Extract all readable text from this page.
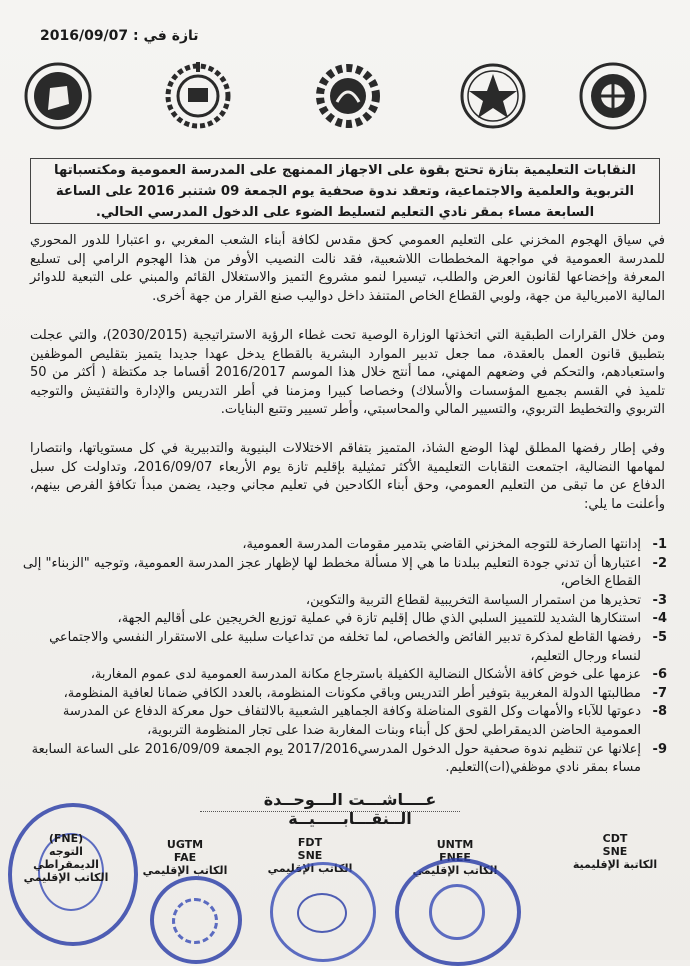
تازة في : 2016/09/07
النقابات التعليمية بتازة تحتج بقوة على الاجهاز الممنهج على المدرسة العمومية ومكتسباتها التربوية والعلمية والاجتماعية، وتعقد ندوة صحفية يوم الجمعة 09 شتنبر 2016 على الساعة السابعة مساء بمقر نادي التعليم لتسليط الضوء على الدخول المدرسي الحالي.
في سياق الهجوم المخزني على التعليم العمومي كحق مقدس لكافة أبناء الشعب المغربي ،و اعتبارا للدور المحوري للمدرسة العمومية في مواجهة المخططات اللاشعبية، فقد نالت النصيب الأوفر من هذا الهجوم الرامي إلى تسليع المعرفة وإخضاعها لقانون العرض والطلب، تيسيرا لنمو مشروع التميز والاستغلال القائم والمبني على التبعية للدوائر المالية الامبريالية من جهة، ولوبي القطاع الخاص المتنفذ داخل دواليب صنع القرار من جهة أخرى.
ومن خلال القرارات الطبقية التي اتخذتها الوزارة الوصية تحت غطاء الرؤية الاستراتيجية (2030/2015)، والتي عجلت بتطبيق قانون العمل بالعقدة، مما جعل تدبير الموارد البشرية بالقطاع يدخل عهدا جديدا يتميز بتقليص الموظفين واستعبادهم، والتحكم في وضعهم المهني، مما أنتج خلال هذا الموسم 2016/2017 أقساما جد مكتظة ( أكثر من 50 تلميذ في القسم بجميع المؤسسات والأسلاك) وخصاصا كبيرا ومزمنا في أطر التدريس والإدارة والتفتيش والتوجيه التربوي والتخطيط التربوي، والتسيير المالي والمحاسبتي، وأطر تسيير وتتبع البنايات.
وفي إطار رفضها المطلق لهذا الوضع الشاذ، المتميز بتفاقم الاختلالات البنيوية والتدبيرية في كل مستوياتها، وانتصارا لمهامها النضالية، اجتمعت النقابات التعليمية الأكثر تمثيلية بإقليم تازة يوم الأربعاء 2016/09/07، وتداولت كل سبل الدفاع عن ما تبقى من التعليم العمومي، وحق أبناء الكادحين في تعليم مجاني وجيد، يضمن مبدأ تكافؤ الفرص بينهم، وأعلنت ما يلي:
1-
إدانتها الصارخة للتوجه المخزني القاضي بتدمير مقومات المدرسة العمومية،
2-
اعتبارها أن تدني جودة التعليم ببلدنا ما هي إلا مسألة مخطط لها لإظهار عجز المدرسة العمومية، وتوجيه "الزبناء" إلى القطاع الخاص،
3-
تحذيرها من استمرار السياسة التخريبية لقطاع التربية والتكوين،
4-
استنكارها الشديد للتمييز السلبي الذي طال إقليم تازة في عملية توزيع الخريجين على أقاليم الجهة،
5-
رفضها القاطع لمذكرة تدبير الفائض والخصاص، لما تخلفه من تداعيات سلبية على الاستقرار النفسي والاجتماعي لنساء ورجال التعليم،
6-
عزمها على خوض كافة الأشكال النضالية الكفيلة باسترجاع مكانة المدرسة العمومية لدى عموم المغاربة،
7-
مطالبتها الدولة المغربية بتوفير أطر التدريس وباقي مكونات المنظومة، بالعدد الكافي ضمانا لعافية المنظومة،
8-
دعوتها للآباء والأمهات وكل القوى المناضلة وكافة الجماهير الشعبية بالالتفاف حول معركة الدفاع عن المدرسة العمومية الحاضن الديمقراطي لحق كل أبناء وبنات المغاربة ضدا على تجار المنظومة التربوية،
9-
إعلانها عن تنظيم ندوة صحفية حول الدخول المدرسي2017/2016 يوم الجمعة 2016/09/09 على الساعة السابعة مساء بمقر نادي موظفي(ات)التعليم.
عــــاشـــت الـــوحــدة الــنقـــابـــــيــة
CDT
SNE
الكاتبة الإقليمية
UNTM
FNEE
الكاتب الإقليمي
FDT
SNE
الكاتب الإقليمي
UGTM
FAE
الكاتب الإقليمي
(FNE)
التوجه الديمقراطي
الكاتب الإقليمي
